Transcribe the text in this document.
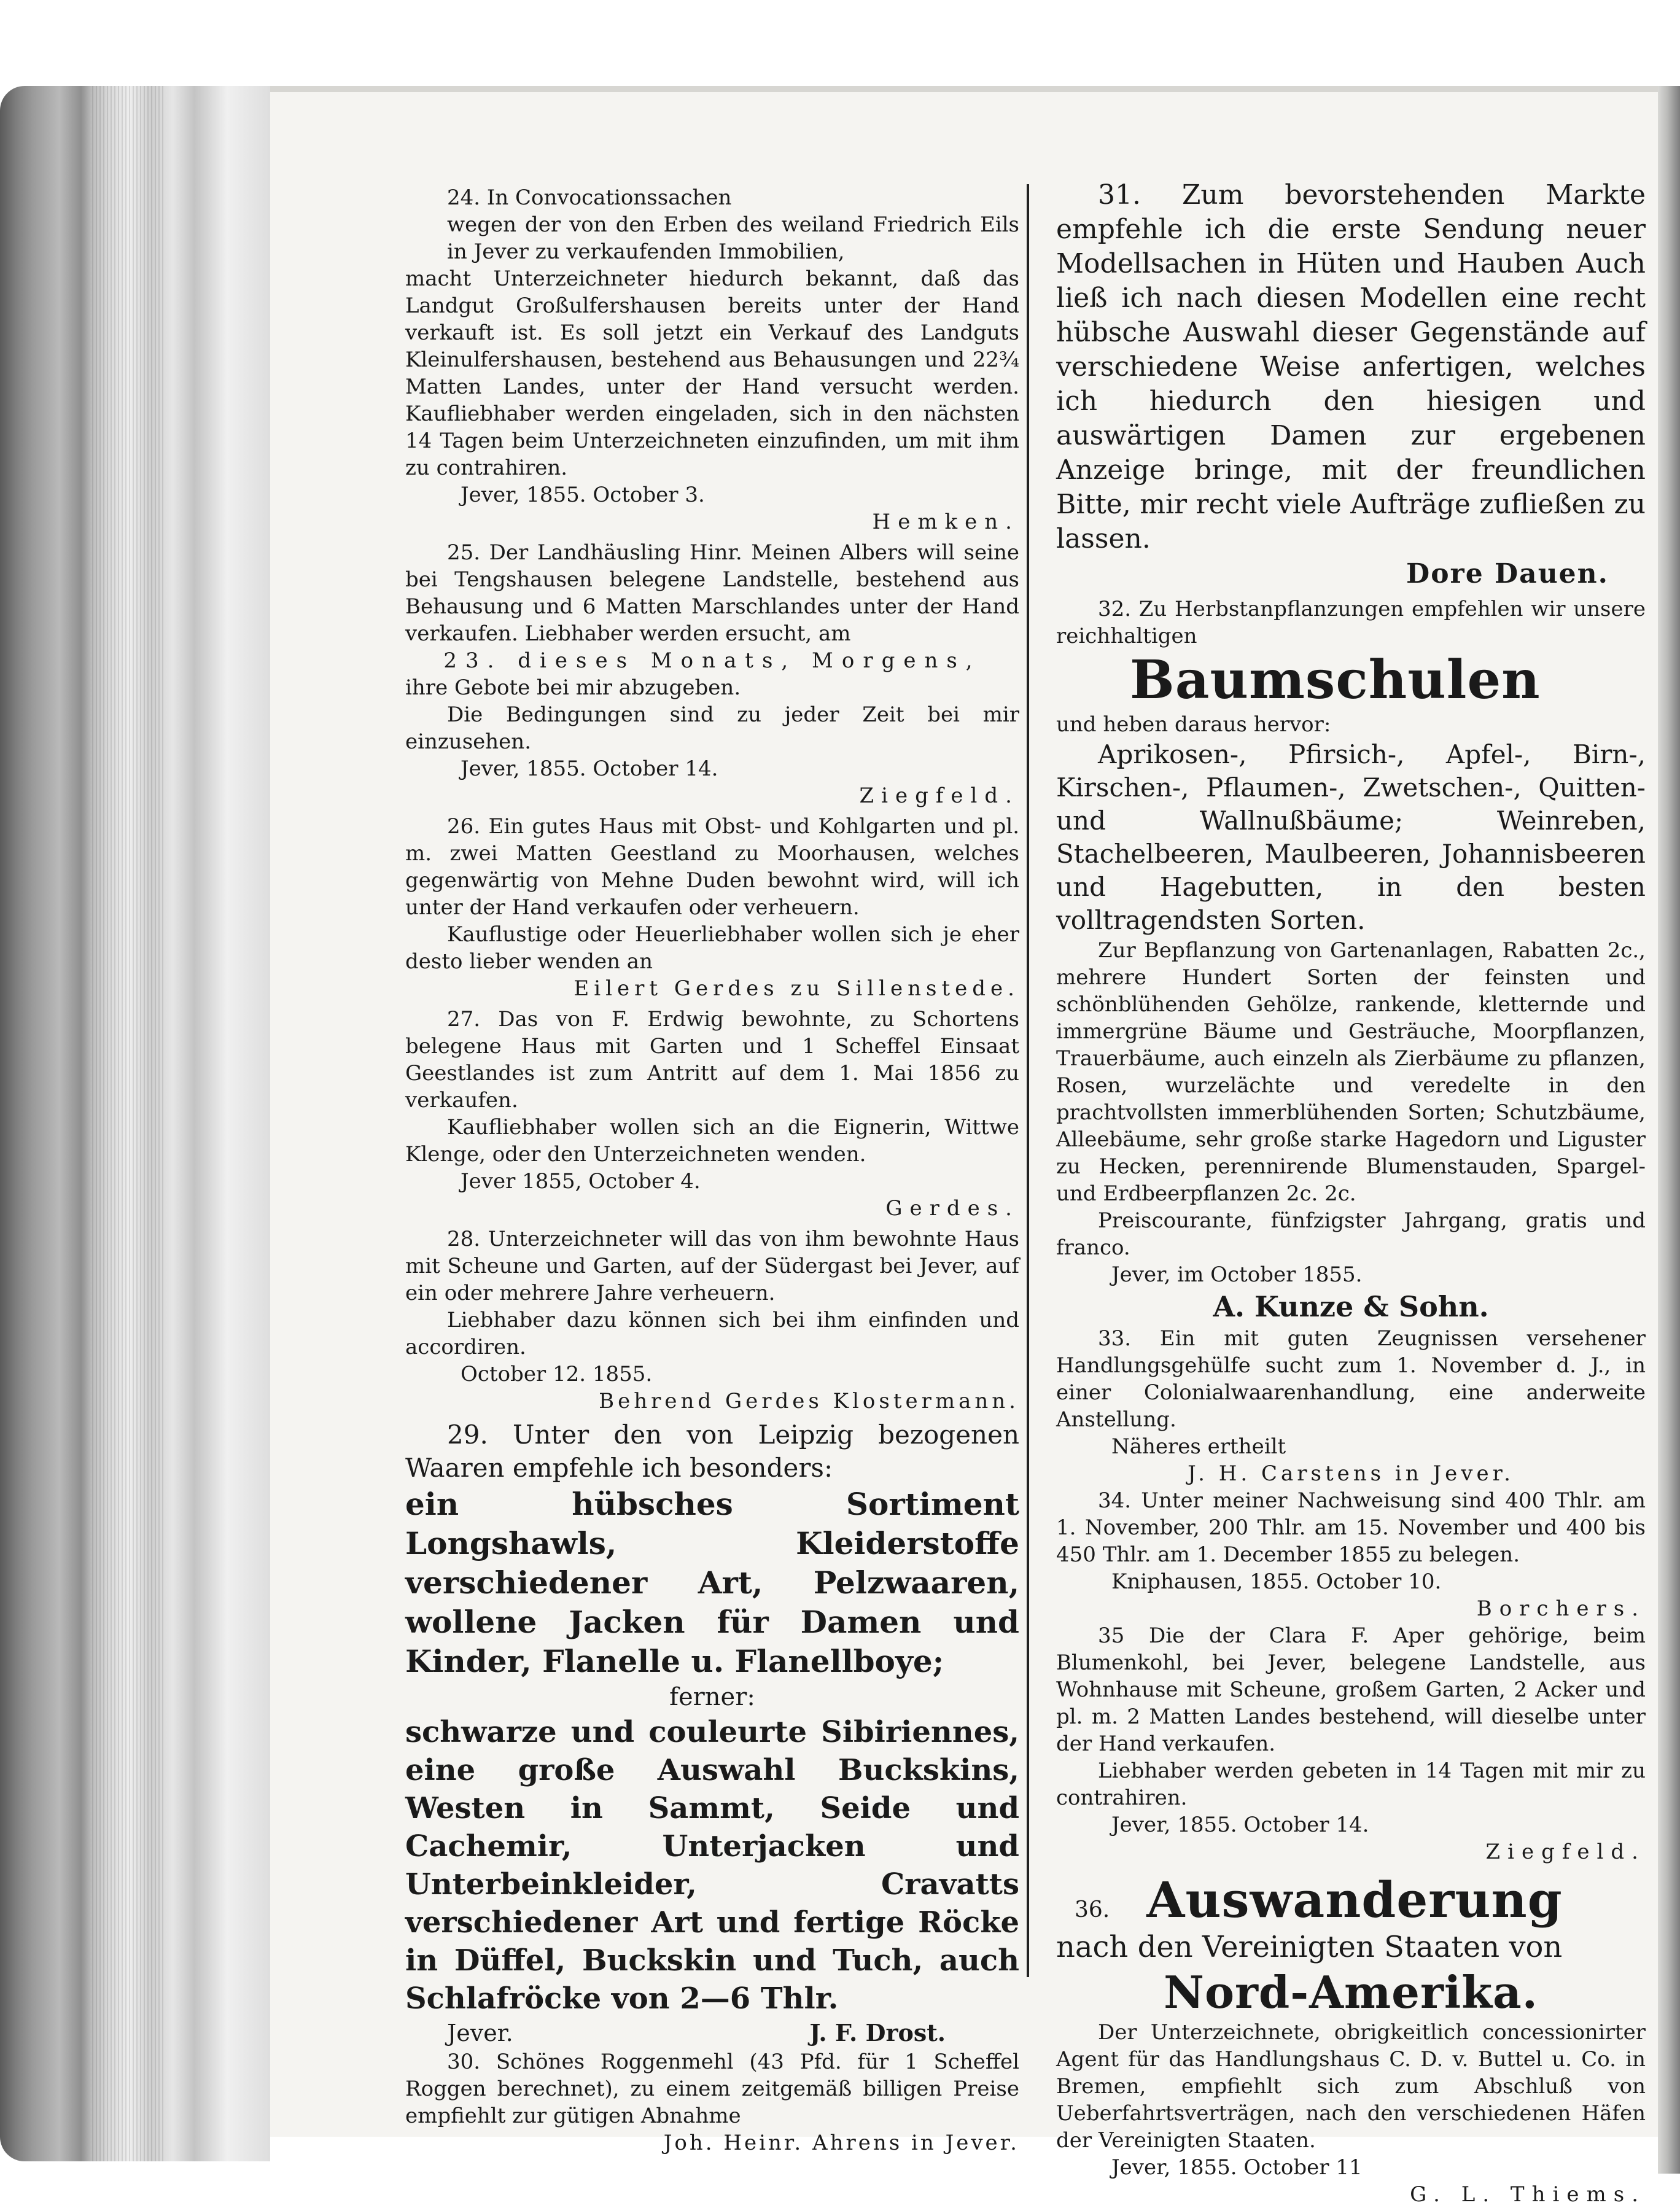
24. In Convocationssachen

wegen der von den Erben des weiland Friedrich Eils in Jever zu verkaufenden Immobilien,

macht Unterzeichneter hiedurch bekannt, daß das Landgut Großulfershausen bereits unter der Hand verkauft ist. Es soll jetzt ein Verkauf des Landguts Kleinulfershausen, bestehend aus Behausungen und 22¾ Matten Landes, unter der Hand versucht werden. Kaufliebhaber werden eingeladen, sich in den nächsten 14 Tagen beim Unterzeichneten einzufinden, um mit ihm zu contrahiren.

Jever, 1855. October 3.

Hemken.

25. Der Landhäusling Hinr. Meinen Albers will seine bei Tengshausen belegene Landstelle, bestehend aus Behausung und 6 Matten Marschlandes unter der Hand verkaufen. Liebhaber werden ersucht, am

23. dieses Monats, Morgens,

ihre Gebote bei mir abzugeben.

Die Bedingungen sind zu jeder Zeit bei mir einzusehen.

Jever, 1855. October 14.

Ziegfeld.

26. Ein gutes Haus mit Obst- und Kohlgarten und pl. m. zwei Matten Geestland zu Moorhausen, welches gegenwärtig von Mehne Duden bewohnt wird, will ich unter der Hand verkaufen oder verheuern.

Kauflustige oder Heuerliebhaber wollen sich je eher desto lieber wenden an

Eilert Gerdes zu Sillenstede.

27. Das von F. Erdwig bewohnte, zu Schortens belegene Haus mit Garten und 1 Scheffel Einsaat Geestlandes ist zum Antritt auf dem 1. Mai 1856 zu verkaufen.

Kaufliebhaber wollen sich an die Eignerin, Wittwe Klenge, oder den Unterzeichneten wenden.

Jever 1855, October 4.

Gerdes.

28. Unterzeichneter will das von ihm bewohnte Haus mit Scheune und Garten, auf der Südergast bei Jever, auf ein oder mehrere Jahre verheuern.

Liebhaber dazu können sich bei ihm einfinden und accordiren.

October 12. 1855.

Behrend Gerdes Klostermann.

29. Unter den von Leipzig bezogenen Waaren empfehle ich besonders:

ein hübsches Sortiment Longshawls, Kleiderstoffe verschiedener Art, Pelzwaaren, wollene Jacken für Damen und Kinder, Flanelle u. Flanellboye;

ferner:

schwarze und couleurte Sibiriennes, eine große Auswahl Buckskins, Westen in Sammt, Seide und Cachemir, Unterjacken und Unterbeinkleider, Cravatts verschiedener Art und fertige Röcke in Düffel, Buckskin und Tuch, auch Schlafröcke von 2—6 Thlr.

Jever.	J. F. Drost.

30. Schönes Roggenmehl (43 Pfd. für 1 Scheffel Roggen berechnet), zu einem zeitgemäß billigen Preise empfiehlt zur gütigen Abnahme

Joh. Heinr. Ahrens in Jever.

31. Zum bevorstehenden Markte empfehle ich die erste Sendung neuer Modellsachen in Hüten und Hauben Auch ließ ich nach diesen Modellen eine recht hübsche Auswahl dieser Gegenstände auf verschiedene Weise anfertigen, welches ich hiedurch den hiesigen und auswärtigen Damen zur ergebenen Anzeige bringe, mit der freundlichen Bitte, mir recht viele Aufträge zufließen zu lassen.

Dore Dauen.

32. Zu Herbstanpflanzungen empfehlen wir unsere reichhaltigen

Baumschulen

und heben daraus hervor:

Aprikosen-, Pfirsich-, Apfel-, Birn-, Kirschen-, Pflaumen-, Zwetschen-, Quitten- und Wallnußbäume; Weinreben, Stachelbeeren, Maulbeeren, Johannisbeeren und Hagebutten, in den besten volltragendsten Sorten.

Zur Bepflanzung von Gartenanlagen, Rabatten 2c., mehrere Hundert Sorten der feinsten und schönblühenden Gehölze, rankende, kletternde und immergrüne Bäume und Gesträuche, Moorpflanzen, Trauerbäume, auch einzeln als Zierbäume zu pflanzen, Rosen, wurzelächte und veredelte in den prachtvollsten immerblühenden Sorten; Schutzbäume, Alleebäume, sehr große starke Hagedorn und Liguster zu Hecken, perennirende Blumenstauden, Spargel- und Erdbeerpflanzen 2c. 2c.

Preiscourante, fünfzigster Jahrgang, gratis und franco.

Jever, im October 1855.

A. Kunze & Sohn.

33. Ein mit guten Zeugnissen versehener Handlungsgehülfe sucht zum 1. November d. J., in einer Colonialwaarenhandlung, eine anderweite Anstellung.

Näheres ertheilt

J. H. Carstens in Jever.

34. Unter meiner Nachweisung sind 400 Thlr. am 1. November, 200 Thlr. am 15. November und 400 bis 450 Thlr. am 1. December 1855 zu belegen.

Kniphausen, 1855. October 10.

Borchers.

35 Die der Clara F. Aper gehörige, beim Blumenkohl, bei Jever, belegene Landstelle, aus Wohnhause mit Scheune, großem Garten, 2 Acker und pl. m. 2 Matten Landes bestehend, will dieselbe unter der Hand verkaufen.

Liebhaber werden gebeten in 14 Tagen mit mir zu contrahiren.

Jever, 1855. October 14.

Ziegfeld.

36. Auswanderung

nach den Vereinigten Staaten von

Nord-Amerika.

Der Unterzeichnete, obrigkeitlich concessionirter Agent für das Handlungshaus C. D. v. Buttel u. Co. in Bremen, empfiehlt sich zum Abschluß von Ueberfahrtsverträgen, nach den verschiedenen Häfen der Vereinigten Staaten.

Jever, 1855. October 11

G. L. Thiems.
